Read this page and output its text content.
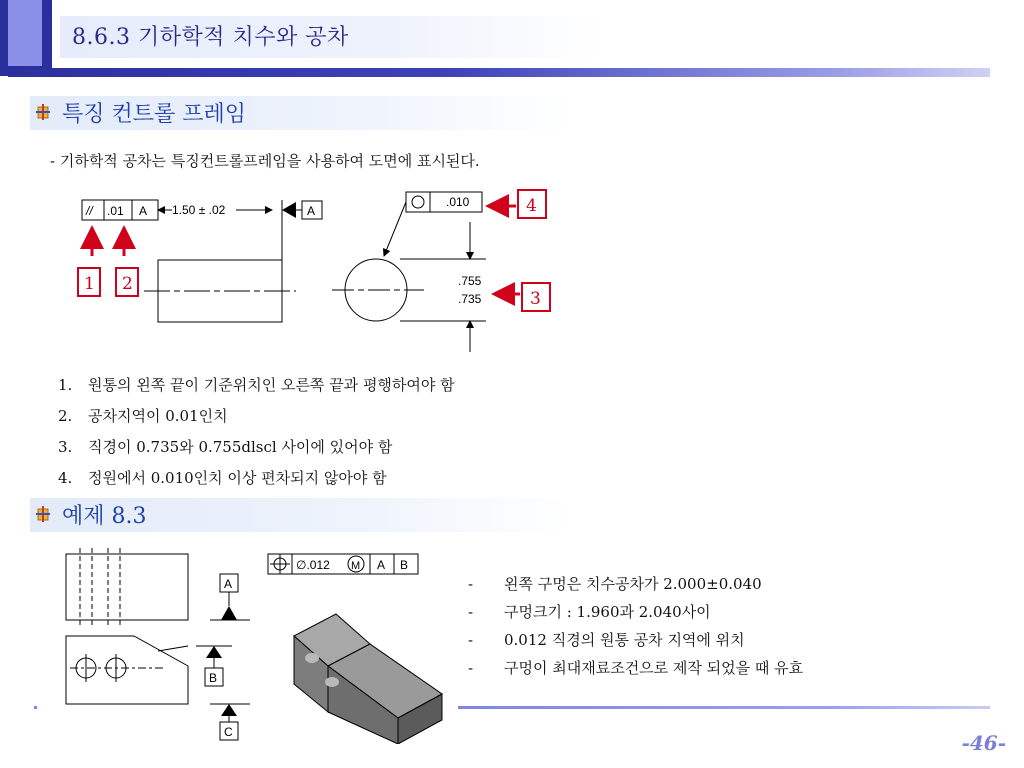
8.6.3 기하학적 치수와 공차
특징 컨트롤 프레임
- 기하학적 공차는 특징컨트롤프레임을 사용하여 도면에 표시된다.
// .01 A 1.50 ± .02	A
1 2
.010
.755
.735	3
4
1. 원통의 왼쪽 끝이 기준위치인 오른쪽 끝과 평행하여야 함
2. 공차지역이 0.01인치
3. 직경이 0.735와 0.755dlscl 사이에 있어야 함
4. 정원에서 0.010인치 이상 편차되지 않아야 함
예제 8.3
A
B
C
∅.012 M A B
- 왼쪽 구멍은 치수공차가 2.000±0.040
- 구멍크기 : 1.960과 2.040사이
- 0.012 직경의 원통 공차 지역에 위치
- 구멍이 최대재료조건으로 제작 되었을 때 유효
-46-
